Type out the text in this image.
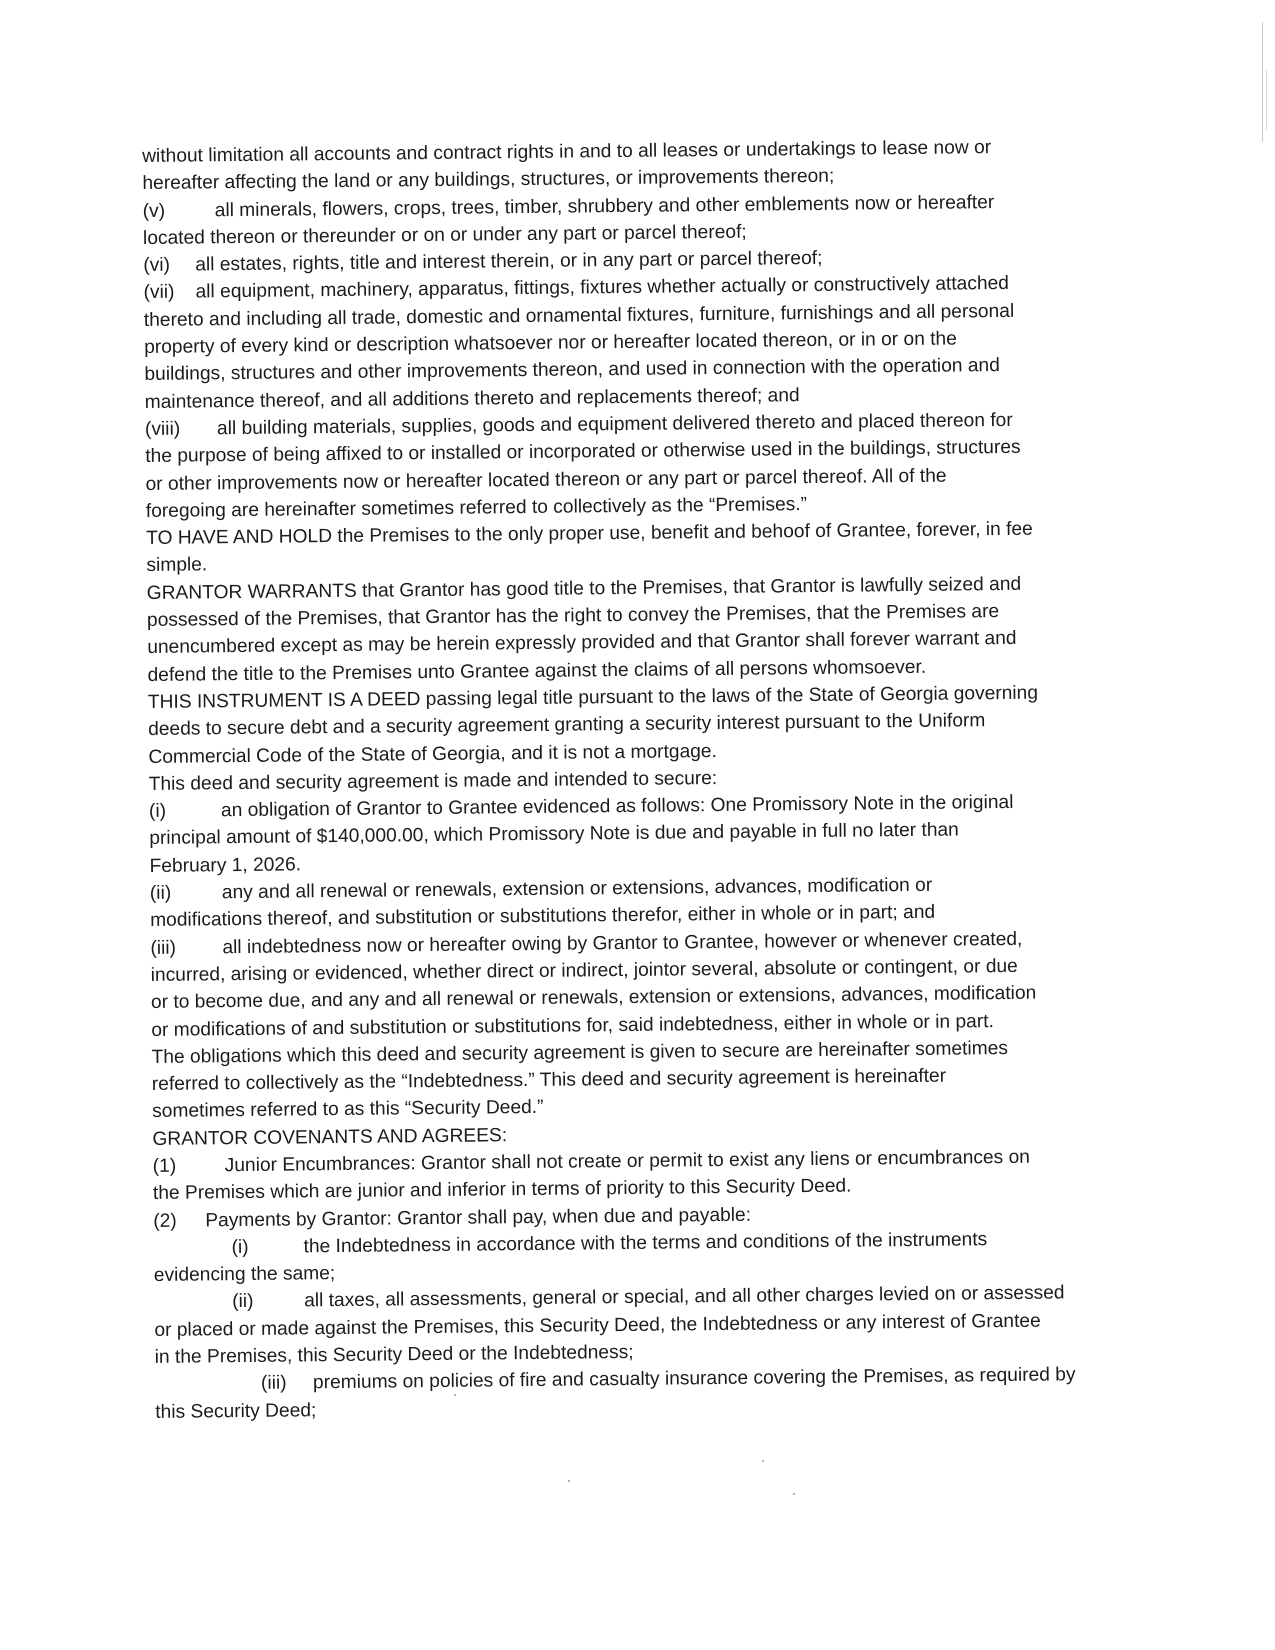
without limitation all accounts and contract rights in and to all leases or undertakings to lease now or
hereafter affecting the land or any buildings, structures, or improvements thereon;
(v)	all minerals, flowers, crops, trees, timber, shrubbery and other emblements now or hereafter
located thereon or thereunder or on or under any part or parcel thereof;
(vi) all estates, rights, title and interest therein, or in any part or parcel thereof;
(vii) all equipment, machinery, apparatus, fittings, fixtures whether actually or constructively attached
thereto and including all trade, domestic and ornamental fixtures, furniture, furnishings and all personal
property of every kind or description whatsoever nor or hereafter located thereon, or in or on the
buildings, structures and other improvements thereon, and used in connection with the operation and
maintenance thereof, and all additions thereto and replacements thereof; and
(viii) all building materials, supplies, goods and equipment delivered thereto and placed thereon for
the purpose of being affixed to or installed or incorporated or otherwise used in the buildings, structures
or other improvements now or hereafter located thereon or any part or parcel thereof. All of the
foregoing are hereinafter sometimes referred to collectively as the “Premises.”
TO HAVE AND HOLD the Premises to the only proper use, benefit and behoof of Grantee, forever, in fee
simple.
GRANTOR WARRANTS that Grantor has good title to the Premises, that Grantor is lawfully seized and
possessed of the Premises, that Grantor has the right to convey the Premises, that the Premises are
unencumbered except as may be herein expressly provided and that Grantor shall forever warrant and
defend the title to the Premises unto Grantee against the claims of all persons whomsoever.
THIS INSTRUMENT IS A DEED passing legal title pursuant to the laws of the State of Georgia governing
deeds to secure debt and a security agreement granting a security interest pursuant to the Uniform
Commercial Code of the State of Georgia, and it is not a mortgage.
This deed and security agreement is made and intended to secure:
(i)	an obligation of Grantor to Grantee evidenced as follows: One Promissory Note in the original
principal amount of $140,000.00, which Promissory Note is due and payable in full no later than
February 1, 2026.
(ii)	any and all renewal or renewals, extension or extensions, advances, modification or
modifications thereof, and substitution or substitutions therefor, either in whole or in part; and
(iii) all indebtedness now or hereafter owing by Grantor to Grantee, however or whenever created,
incurred, arising or evidenced, whether direct or indirect, jointor several, absolute or contingent, or due
or to become due, and any and all renewal or renewals, extension or extensions, advances, modification
or modifications of and substitution or substitutions for, said indebtedness, either in whole or in part.
The obligations which this deed and security agreement is given to secure are hereinafter sometimes
referred to collectively as the “Indebtedness.” This deed and security agreement is hereinafter
sometimes referred to as this “Security Deed.”
GRANTOR COVENANTS AND AGREES:
(1)	Junior Encumbrances: Grantor shall not create or permit to exist any liens or encumbrances on
the Premises which are junior and inferior in terms of priority to this Security Deed.
(2) Payments by Grantor: Grantor shall pay, when due and payable:
(i)	the Indebtedness in accordance with the terms and conditions of the instruments
evidencing the same;
(ii)	all taxes, all assessments, general or special, and all other charges levied on or assessed
or placed or made against the Premises, this Security Deed, the Indebtedness or any interest of Grantee
in the Premises, this Security Deed or the Indebtedness;
(iii) premiums on policies of fire and casualty insurance covering the Premises, as required by
this Security Deed;
